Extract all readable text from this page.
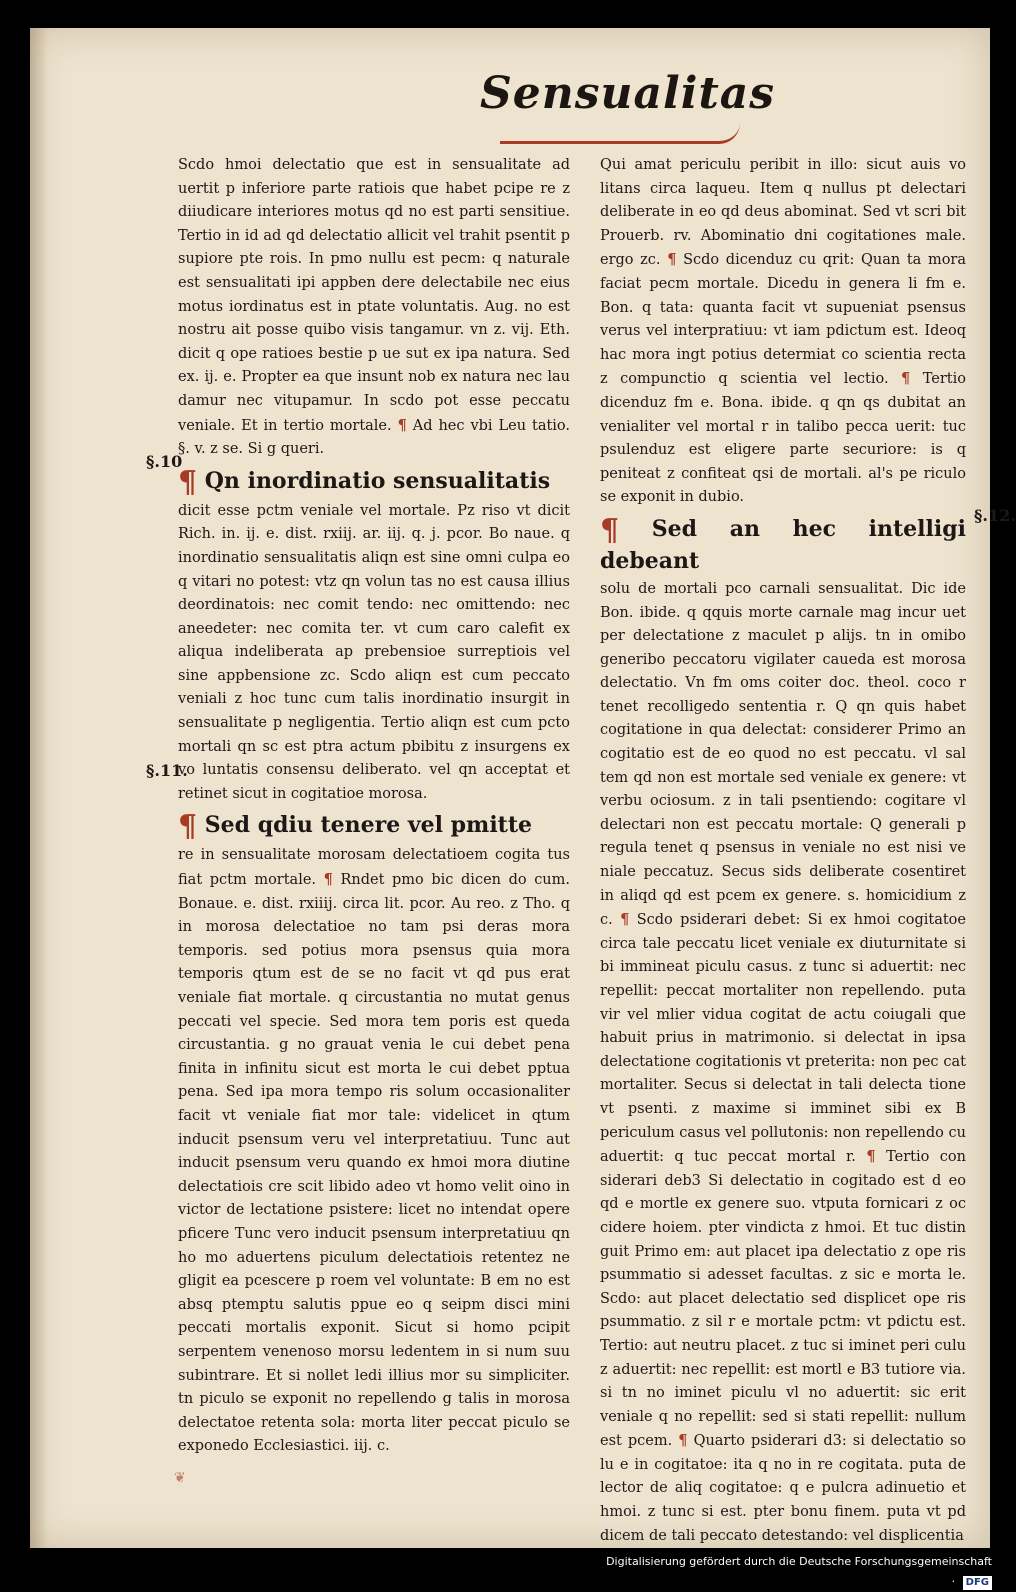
Sensualitas
§.10
§.11.
§.12.

Scdo hmoi delectatio que est in sensualitate ad uertit p inferiore parte ratiois que habet pcipe re z diiudicare interiores motus qd no est parti sensitiue. Tertio in id ad qd delectatio allicit vel trahit psentit p supiore pte rois. In pmo nullu est pecm: q naturale est sensualitati ipi appben dere delectabile nec eius motus iordinatus est in ptate voluntatis. Aug. no est nostru ait posse quibo visis tangamur. vn z. vij. Eth. dicit q ope ratioes bestie p ue sut ex ipa natura. Sed ex. ij. e. Propter ea que insunt nob ex natura nec lau damur nec vitupamur. In scdo pot esse peccatu veniale. Et in tertio mortale. ¶ Ad hec vbi Leu tatio. §. v. z se. Si g queri.

¶ Qn inordinatio sensualitatis

dicit esse pctm veniale vel mortale. Pz riso vt dicit Rich. in. ij. e. dist. rxiij. ar. iij. q. j. pcor. Bo naue. q inordinatio sensualitatis aliqn est sine omni culpa eo q vitari no potest: vtz qn volun tas no est causa illius deordinatois: nec comit tendo: nec omittendo: nec aneedeter: nec comita ter. vt cum caro calefit ex aliqua indeliberata ap prebensioe surreptiois vel sine appbensione zc. Scdo aliqn est cum peccato veniali z hoc tunc cum talis inordinatio insurgit in sensualitate p negligentia. Tertio aliqn est cum pcto mortali qn sc est ptra actum pbibitu z insurgens ex vo luntatis consensu deliberato. vel qn acceptat et retinet sicut in cogitatioe morosa.

¶ Sed qdiu tenere vel pmitte

re in sensualitate morosam delectatioem cogita tus fiat pctm mortale. ¶ Rndet pmo bic dicen do cum. Bonaue. e. dist. rxiiij. circa lit. pcor. Au reo. z Tho. q in morosa delectatioe no tam psi deras mora temporis. sed potius mora psensus quia mora temporis qtum est de se no facit vt qd pus erat veniale fiat mortale. q circustantia no mutat genus peccati vel specie. Sed mora tem poris est queda circustantia. g no grauat venia le cui debet pena finita in infinitu sicut est morta le cui debet pptua pena. Sed ipa mora tempo ris solum occasionaliter facit vt veniale fiat mor tale: videlicet in qtum inducit psensum veru vel interpretatiuu. Tunc aut inducit psensum veru quando ex hmoi mora diutine delectatiois cre scit libido adeo vt homo velit oino in victor de lectatione psistere: licet no intendat opere pficere Tunc vero inducit psensum interpretatiuu qn ho mo aduertens piculum delectatiois retentez ne gligit ea pcescere p roem vel voluntate: B em no est absq ptemptu salutis ppue eo q seipm disci mini peccati mortalis exponit. Sicut si homo pcipit serpentem venenoso morsu ledentem in si num suu subintrare. Et si nollet ledi illius mor su simpliciter. tn piculo se exponit no repellendo g talis in morosa delectatoe retenta sola: morta liter peccat piculo se exponedo Ecclesiastici. iij. c.

Qui amat periculu peribit in illo: sicut auis vo litans circa laqueu. Item q nullus pt delectari deliberate in eo qd deus abominat. Sed vt scri bit Prouerb. rv. Abominatio dni cogitationes male. ergo zc. ¶ Scdo dicenduz cu qrit: Quan ta mora faciat pecm mortale. Dicedu in genera li fm e. Bon. q tata: quanta facit vt supueniat psensus verus vel interpratiuu: vt iam pdictum est. Ideoq hac mora ingt potius determiat co scientia recta z compunctio q scientia vel lectio. ¶ Tertio dicenduz fm e. Bona. ibide. q qn qs dubitat an venialiter vel mortal r in talibo pecca uerit: tuc psulenduz est eligere parte securiore: is q peniteat z confiteat qsi de mortali. al's pe riculo se exponit in dubio.

¶ Sed an hec intelligi debeant

solu de mortali pco carnali sensualitat. Dic ide Bon. ibide. q qquis morte carnale mag incur uet per delectatione z maculet p alijs. tn in omibo generibo peccatoru vigilater caueda est morosa delectatio. Vn fm oms coiter doc. theol. coco r tenet recolligedo sententia r. Q qn quis habet cogitatione in qua delectat: considerer Primo an cogitatio est de eo quod no est peccatu. vl sal tem qd non est mortale sed veniale ex genere: vt verbu ociosum. z in tali psentiendo: cogitare vl delectari non est peccatu mortale: Q generali p regula tenet q psensus in veniale no est nisi ve niale peccatuz. Secus sids deliberate cosentiret in aliqd qd est pcem ex genere. s. homicidium z c. ¶ Scdo psiderari debet: Si ex hmoi cogitatoe circa tale peccatu licet veniale ex diuturnitate si bi immineat piculu casus. z tunc si aduertit: nec repellit: peccat mortaliter non repellendo. puta vir vel mlier vidua cogitat de actu coiugali que habuit prius in matrimonio. si delectat in ipsa delectatione cogitationis vt preterita: non pec cat mortaliter. Secus si delectat in tali delecta tione vt psenti. z maxime si imminet sibi ex B periculum casus vel pollutonis: non repellendo cu aduertit: q tuc peccat mortal r. ¶ Tertio con siderari deb3 Si delectatio in cogitado est d eo qd e mortle ex genere suo. vtputa fornicari z oc cidere hoiem. pter vindicta z hmoi. Et tuc distin guit Primo em: aut placet ipa delectatio z ope ris psummatio si adesset facultas. z sic e morta le. Scdo: aut placet delectatio sed displicet ope ris psummatio. z sil r e mortale pctm: vt pdictu est. Tertio: aut neutru placet. z tuc si iminet peri culu z aduertit: nec repellit: est mortl e B3 tutiore via. si tn no iminet piculu vl no aduertit: sic erit veniale q no repellit: sed si stati repellit: nullum est pcem. ¶ Quarto psiderari d3: si delectatio so lu e in cogitatoe: ita q no in re cogitata. puta de lector de aliq cogitatoe: q e pulcra adinuetio et hmoi. z tunc si est. pter bonu finem. puta vt pd dicem de tali peccato detestando: vel displicentia

❦
Digitalisierung gefördert durch die Deutsche Forschungsgemeinschaft · DFG
